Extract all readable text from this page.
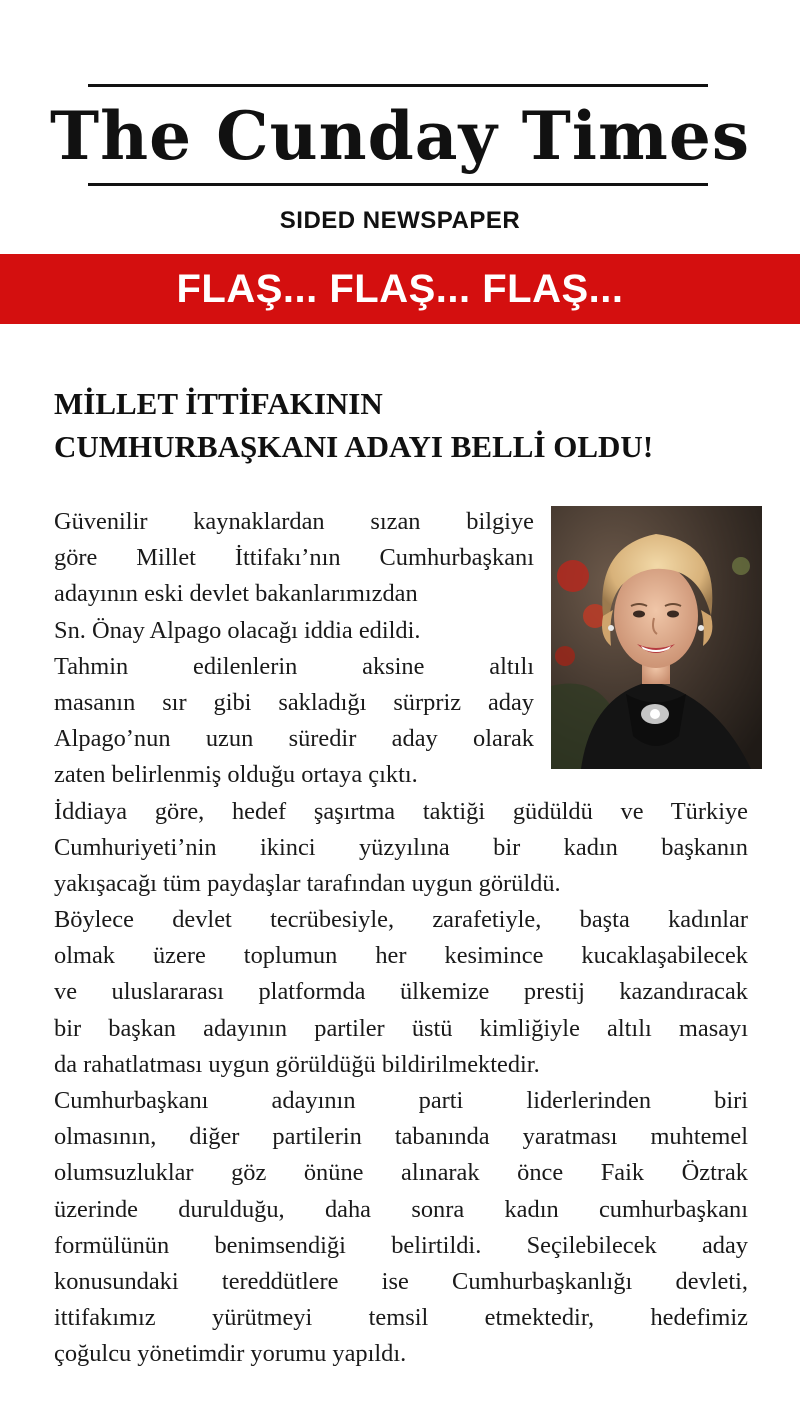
The Cunday Times
SIDED NEWSPAPER
FLAŞ... FLAŞ... FLAŞ...
MİLLET İTTİFAKININ
CUMHURBAŞKANI ADAYI BELLİ OLDU!
Güvenilir kaynaklardan sızan bilgiye
göre Millet İttifakı’nın Cumhurbaşkanı
adayının eski devlet bakanlarımızdan
Sn. Önay Alpago olacağı iddia edildi.
Tahmin edilenlerin aksine altılı
masanın sır gibi sakladığı sürpriz aday
Alpago’nun uzun süredir aday olarak
zaten belirlenmiş olduğu ortaya çıktı.
İddiaya göre, hedef şaşırtma taktiği güdüldü ve Türkiye
Cumhuriyeti’nin ikinci yüzyılına bir kadın başkanın
yakışacağı tüm paydaşlar tarafından uygun görüldü.
Böylece devlet tecrübesiyle, zarafetiyle, başta kadınlar
olmak üzere toplumun her kesimince kucaklaşabilecek
ve uluslararası platformda ülkemize prestij kazandıracak
bir başkan adayının partiler üstü kimliğiyle altılı masayı
da rahatlatması uygun görüldüğü bildirilmektedir.
Cumhurbaşkanı adayının parti liderlerinden biri
olmasının, diğer partilerin tabanında yaratması muhtemel
olumsuzluklar göz önüne alınarak önce Faik Öztrak
üzerinde durulduğu, daha sonra kadın cumhurbaşkanı
formülünün benimsendiği belirtildi. Seçilebilecek aday
konusundaki tereddütlere ise Cumhurbaşkanlığı devleti,
ittifakımız yürütmeyi temsil etmektedir, hedefimiz
çoğulcu yönetimdir yorumu yapıldı.
